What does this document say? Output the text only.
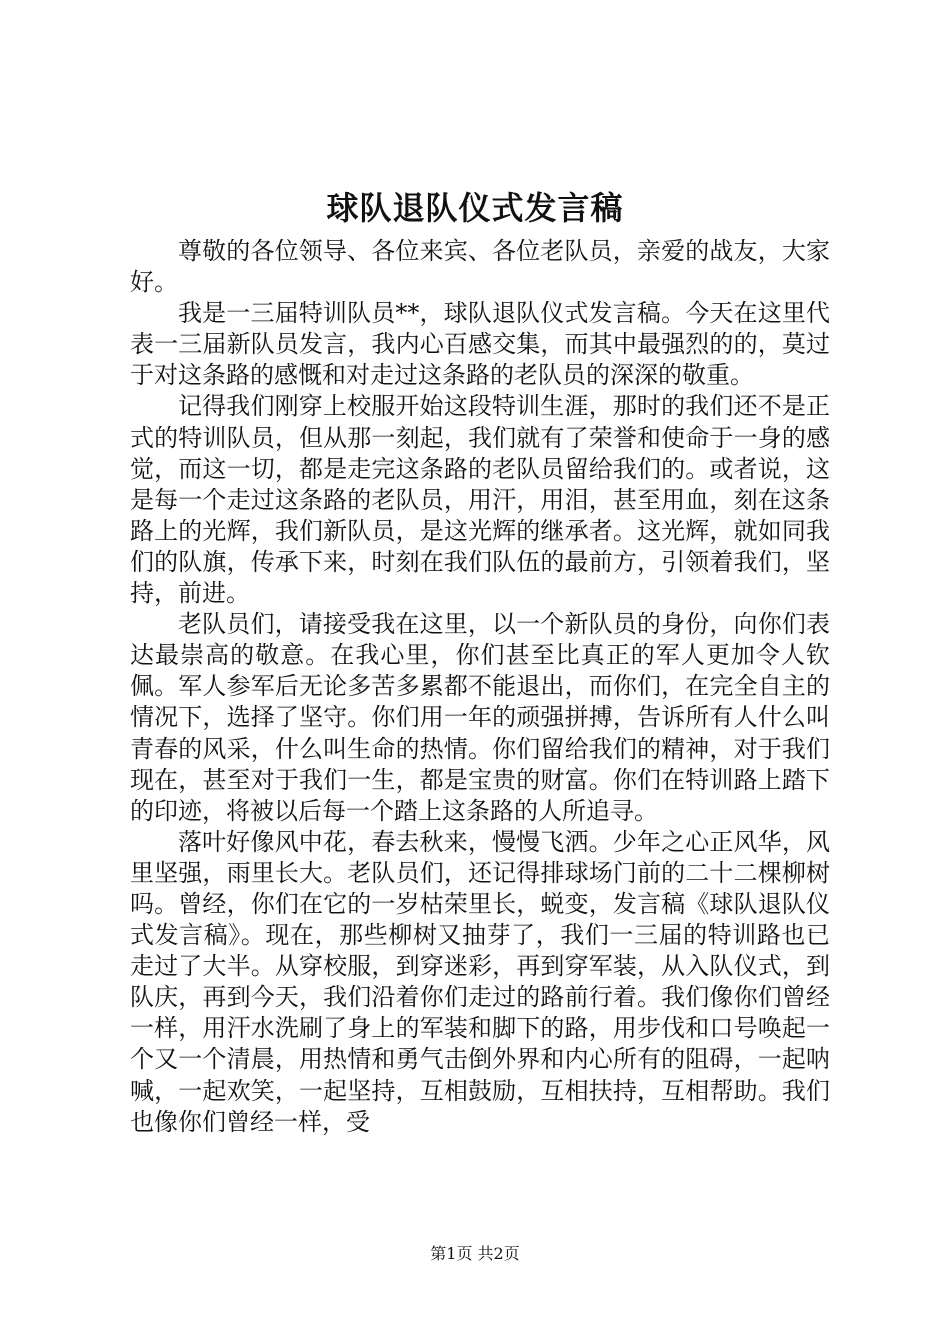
球队退队仪式发言稿

尊敬的各位领导、各位来宾、各位老队员，亲爱的战友，大家好。

我是一三届特训队员**，球队退队仪式发言稿。今天在这里代表一三届新队员发言，我内心百感交集，而其中最强烈的的，莫过于对这条路的感慨和对走过这条路的老队员的深深的敬重。

记得我们刚穿上校服开始这段特训生涯，那时的我们还不是正式的特训队员，但从那一刻起，我们就有了荣誉和使命于一身的感觉，而这一切，都是走完这条路的老队员留给我们的。或者说，这是每一个走过这条路的老队员，用汗，用泪，甚至用血，刻在这条路上的光辉，我们新队员，是这光辉的继承者。这光辉，就如同我们的队旗，传承下来，时刻在我们队伍的最前方，引领着我们，坚持，前进。

老队员们，请接受我在这里，以一个新队员的身份，向你们表达最崇高的敬意。在我心里，你们甚至比真正的军人更加令人钦佩。军人参军后无论多苦多累都不能退出，而你们，在完全自主的情况下，选择了坚守。你们用一年的顽强拼搏，告诉所有人什么叫青春的风采，什么叫生命的热情。你们留给我们的精神，对于我们现在，甚至对于我们一生，都是宝贵的财富。你们在特训路上踏下的印迹，将被以后每一个踏上这条路的人所追寻。

落叶好像风中花，春去秋来，慢慢飞洒。少年之心正风华，风里坚强，雨里长大。老队员们，还记得排球场门前的二十二棵柳树吗。曾经，你们在它的一岁枯荣里长，蜕变，发言稿《球队退队仪式发言稿》。现在，那些柳树又抽芽了，我们一三届的特训路也已走过了大半。从穿校服，到穿迷彩，再到穿军装，从入队仪式，到队庆，再到今天，我们沿着你们走过的路前行着。我们像你们曾经一样，用汗水洗刷了身上的军装和脚下的路，用步伐和口号唤起一个又一个清晨，用热情和勇气击倒外界和内心所有的阻碍，一起呐喊，一起欢笑，一起坚持，互相鼓励，互相扶持，互相帮助。我们也像你们曾经一样，受

第1页 共2页
